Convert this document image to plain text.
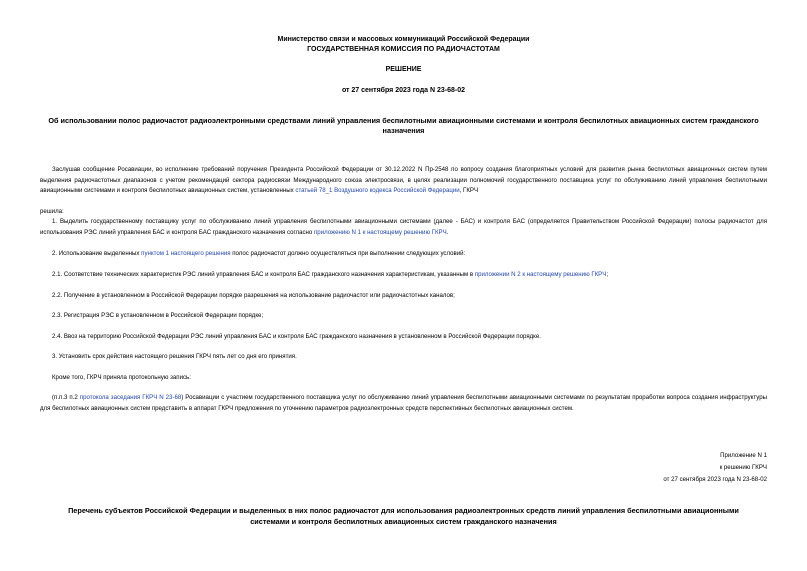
Министерство связи и массовых коммуникаций Российской Федерации
ГОСУДАРСТВЕННАЯ КОМИССИЯ ПО РАДИОЧАСТОТАМ
РЕШЕНИЕ
от 27 сентября 2023 года N 23-68-02
Об использовании полос радиочастот радиоэлектронными средствами линий управления беспилотными авиационными системами и контроля беспилотных авиационных систем гражданского назначения
Заслушав сообщение Росавиации, во исполнение требований поручения Президента Российской Федерации от 30.12.2022 N Пр-2548 по вопросу создания благоприятных условий для развития рынка беспилотных авиационных систем путем выделения радиочастотных диапазонов с учетом рекомендаций сектора радиосвязи Международного союза электросвязи, в целях реализации полномочий государственного поставщика услуг по обслуживанию линий управления беспилотными авиационными системами и контроля беспилотных авиационных систем, установленных статьей 78_1 Воздушного кодекса Российской Федерации, ГКРЧ
решила:
1. Выделить государственному поставщику услуг по обслуживанию линий управления беспилотными авиационными системами (далее - БАС) и контроля БАС (определяется Правительством Российской Федерации) полосы радиочастот для использования РЭС линий управления БАС и контроля БАС гражданского назначения согласно приложению N 1 к настоящему решению ГКРЧ.
2. Использование выделенных пунктом 1 настоящего решения полос радиочастот должно осуществляться при выполнении следующих условий:
2.1. Соответствие технических характеристик РЭС линий управления БАС и контроля БАС гражданского назначения характеристикам, указанным в приложении N 2 к настоящему решению ГКРЧ;
2.2. Получение в установленном в Российской Федерации порядке разрешения на использование радиочастот или радиочастотных каналов;
2.3. Регистрация РЭС в установленном в Российской Федерации порядке;
2.4. Ввоз на территорию Российской Федерации РЭС линий управления БАС и контроля БАС гражданского назначения в установленном в Российской Федерации порядке.
3. Установить срок действия настоящего решения ГКРЧ пять лет со дня его принятия.
Кроме того, ГКРЧ приняла протокольную запись:
(п.п.3 п.2 протокола заседания ГКРЧ N 23-68) Росавиации с участием государственного поставщика услуг по обслуживанию линий управления беспилотными авиационными системами по результатам проработки вопроса создания инфраструктуры для беспилотных авиационных систем представить в аппарат ГКРЧ предложения по уточнению параметров радиоэлектронных средств перспективных беспилотных авиационных систем.
Приложение N 1
к решению ГКРЧ
от 27 сентября 2023 года N 23-68-02
Перечень субъектов Российской Федерации и выделенных в них полос радиочастот для использования радиоэлектронных средств линий управления беспилотными авиационными системами и контроля беспилотных авиационных систем гражданского назначения
